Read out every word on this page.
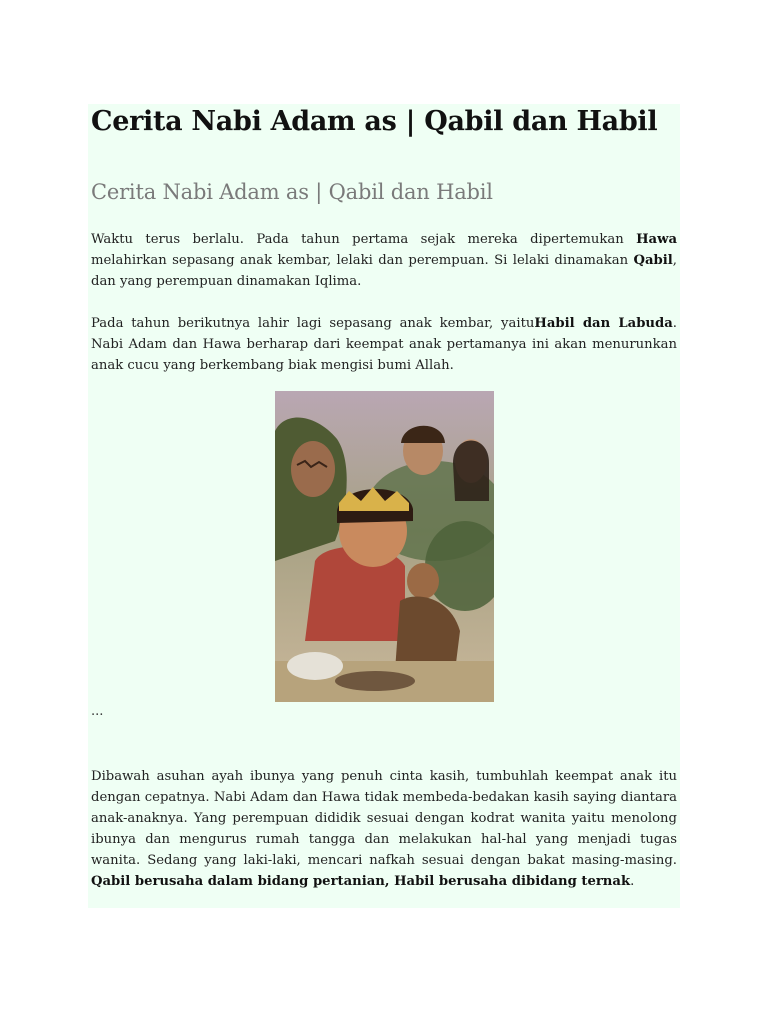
Cerita Nabi Adam as | Qabil dan Habil
Cerita Nabi Adam as | Qabil dan Habil

Waktu terus berlalu. Pada tahun pertama sejak mereka dipertemukan Hawa melahirkan sepasang anak kembar, lelaki dan perempuan. Si lelaki dinamakan Qabil, dan yang perempuan dinamakan Iqlima.

Pada tahun berikutnya lahir lagi sepasang anak kembar, yaituHabil dan Labuda. Nabi Adam dan Hawa berharap dari keempat anak pertamanya ini akan menurunkan anak cucu yang berkembang biak mengisi bumi Allah.

...

Dibawah asuhan ayah ibunya yang penuh cinta kasih, tumbuhlah keempat anak itu dengan cepatnya. Nabi Adam dan Hawa tidak membeda-bedakan kasih saying diantara anak-anaknya. Yang perempuan dididik sesuai dengan kodrat wanita yaitu menolong ibunya dan mengurus rumah tangga dan melakukan hal-hal yang menjadi tugas wanita. Sedang yang laki-laki, mencari nafkah sesuai dengan bakat masing-masing. Qabil berusaha dalam bidang pertanian, Habil berusaha dibidang ternak.
